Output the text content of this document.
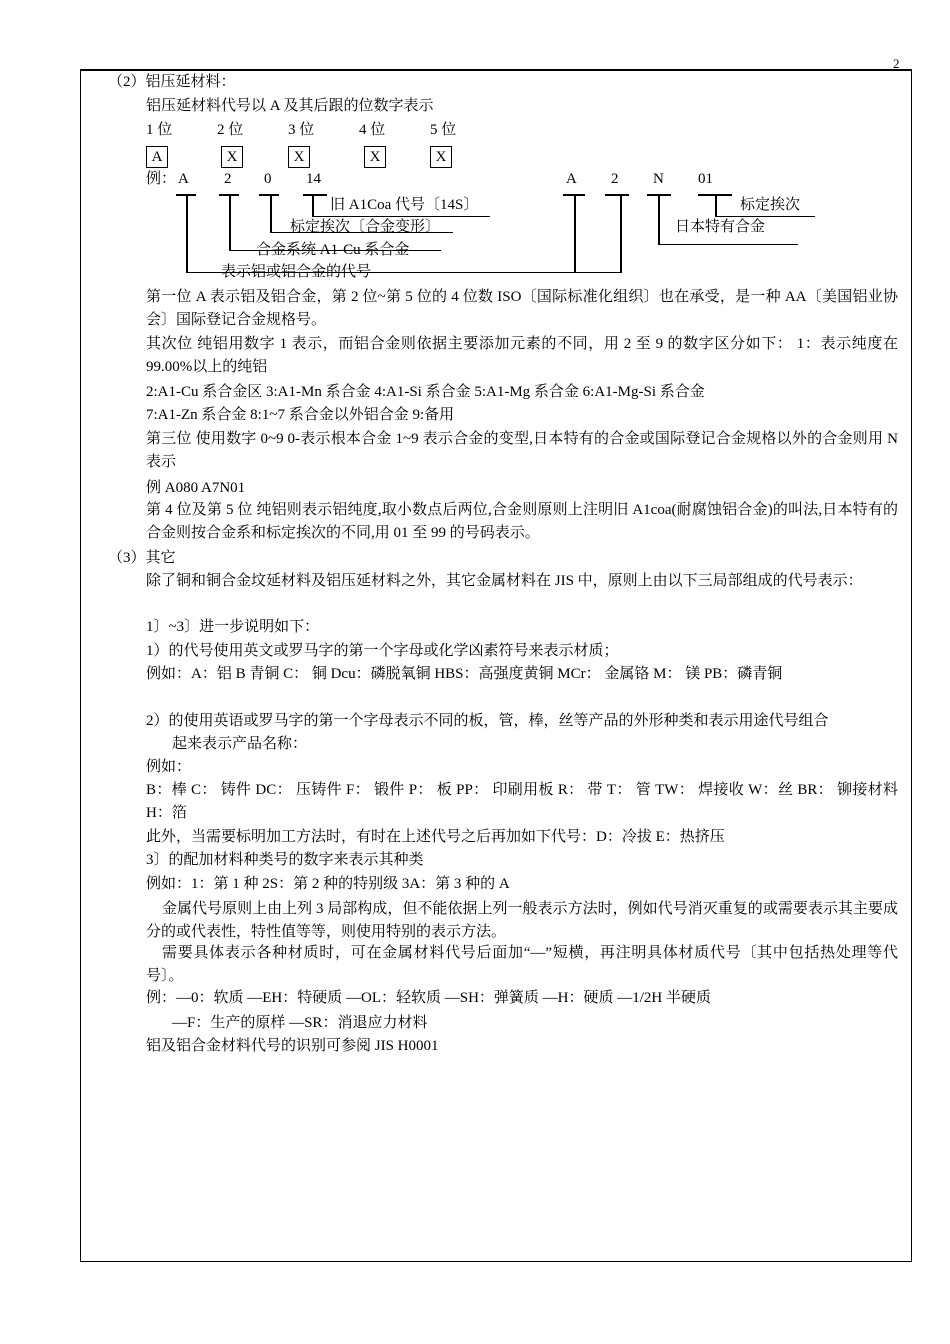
2
（2）铝压延材料：
铝压延材料代号以 A 及其后跟的位数字表示
1 位	2 位	3 位	4 位	5 位
A	X	X	X	X
例： A 2 0 14	A 2 N 01
旧 A1Coa 代号〔14S〕
标定挨次〔合金变形〕
合金系统 A1-Cu 系合金
表示铝或铝合金的代号
标定挨次
日本特有合金
第一位 A 表示铝及铝合金，第 2 位~第 5 位的 4 位数 ISO〔国际标准化组织〕也在承受，是一种 AA〔美国铝业协会〕国际登记合金规格号。
其次位 纯铝用数字 1 表示，而铝合金则依据主要添加元素的不同，用 2 至 9 的数字区分如下： 1：表示纯度在 99.00%以上的纯铝
2:A1-Cu 系合金区 3:A1-Mn 系合金 4:A1-Si 系合金 5:A1-Mg 系合金 6:A1-Mg-Si 系合金
7:A1-Zn 系合金 8:1~7 系合金以外铝合金 9:备用
第三位 使用数字 0~9 0-表示根本合金 1~9 表示合金的变型,日本特有的合金或国际登记合金规格以外的合金则用 N 表示
例 A080 A7N01
第 4 位及第 5 位 纯铝则表示铝纯度,取小数点后两位,合金则原则上注明旧 A1coa(耐腐蚀铝合金)的叫法,日本特有的合金则按合金系和标定挨次的不同,用 01 至 99 的号码表示。
（3）其它
除了铜和铜合金坟延材料及铝压延材料之外，其它金属材料在 JIS 中，原则上由以下三局部组成的代号表示：
1〕~3〕进一步说明如下：
1）的代号使用英文或罗马字的第一个字母或化学凶素符号来表示材质；
例如：A：铝 B 青铜 C： 铜 Dcu：磷脱氧铜 HBS：高强度黄铜 MCr： 金属铬 M： 镁 PB：磷青铜
2）的使用英语或罗马字的第一个字母表示不同的板，管，棒，丝等产品的外形种类和表示用途代号组合
起来表示产品名称：
例如：
B：棒 C： 铸件 DC： 压铸件 F： 锻件 P： 板 PP： 印刷用板 R： 带 T： 管 TW： 焊接收 W：丝 BR： 铆接材料 H：箔
此外，当需要标明加工方法时，有时在上述代号之后再加如下代号：D：冷拔 E：热挤压
3〕的配加材料种类号的数字来表示其种类
例如：1：第 1 种 2S：第 2 种的特别级 3A：第 3 种的 A
金属代号原则上由上列 3 局部构成，但不能依据上列一般表示方法时，例如代号消灭重复的或需要表示其主要成分的或代表性，特性值等等，则使用特别的表示方法。
需要具体表示各种材质时，可在金属材料代号后面加“—”短横，再注明具体材质代号〔其中包括热处理等代号〕。
例：—0：软质 —EH：特硬质 —OL：轻软质 —SH：弹簧质 —H：硬质 —1/2H 半硬质
—F：生产的原样 —SR：消退应力材料
铝及铝合金材料代号的识别可参阅 JIS H0001
